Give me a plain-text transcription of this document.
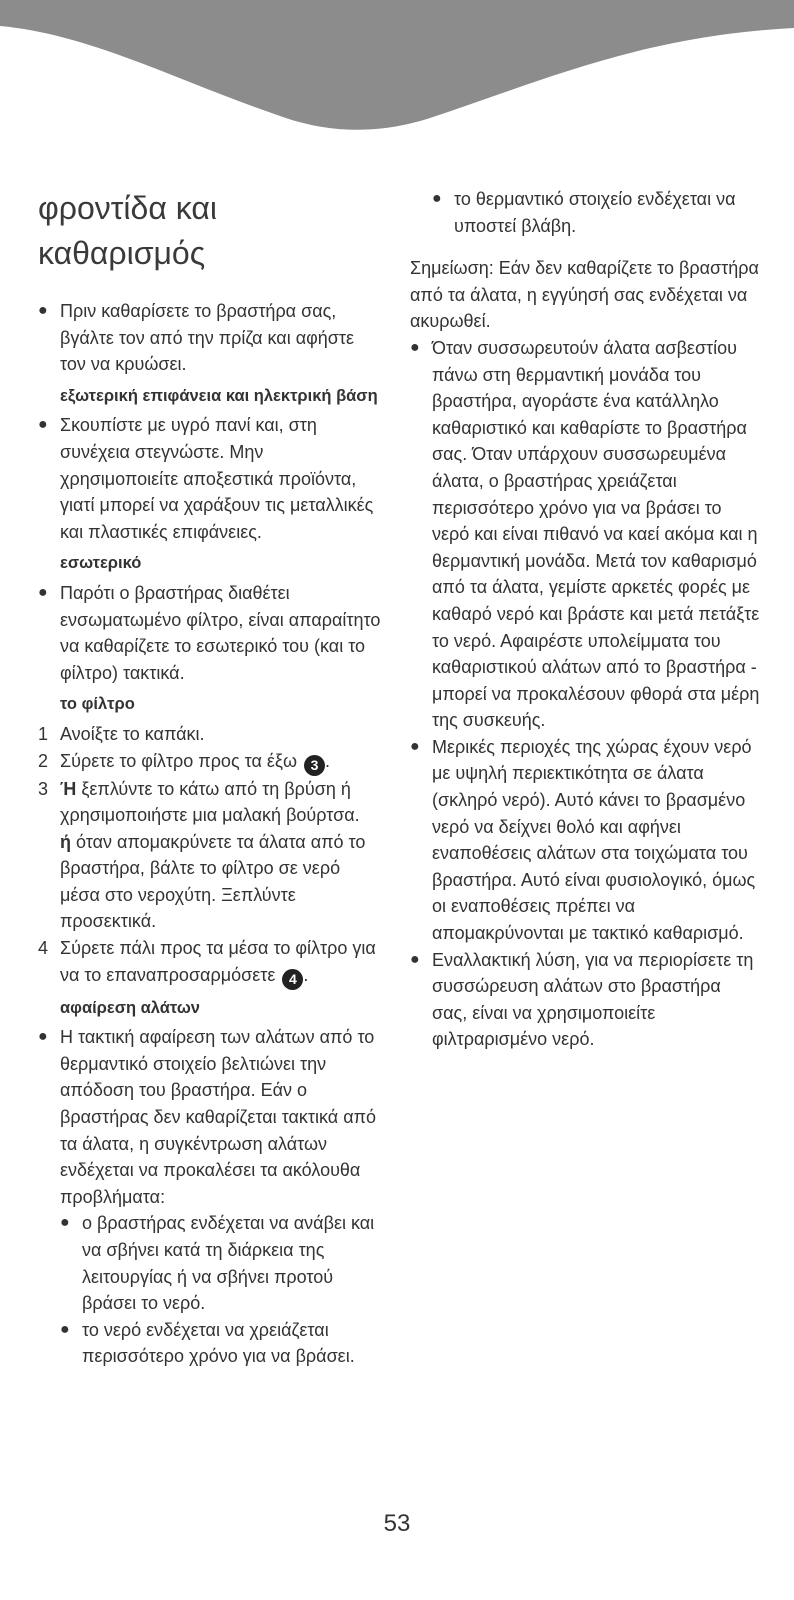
φροντίδα και
καθαρισμός
● Πριν καθαρίσετε το βραστήρα σας, βγάλτε τον από την πρίζα και αφήστε τον να κρυώσει.
εξωτερική επιφάνεια και ηλεκτρική βάση
● Σκουπίστε με υγρό πανί και, στη συνέχεια στεγνώστε. Μην χρησιμοποιείτε αποξεστικά προϊόντα, γιατί μπορεί να χαράξουν τις μεταλλικές και πλαστικές επιφάνειες.
εσωτερικό
● Παρότι ο βραστήρας διαθέτει ενσωματωμένο φίλτρο, είναι απαραίτητο να καθαρίζετε το εσωτερικό του (και το φίλτρο) τακτικά.
το φίλτρο
1 Ανοίξτε το καπάκι.
2 Σύρετε το φίλτρο προς τα έξω 3 .
3 Ή ξεπλύντε το κάτω από τη βρύση ή χρησιμοποιήστε μια μαλακή βούρτσα.
ή όταν απομακρύνετε τα άλατα από το βραστήρα, βάλτε το φίλτρο σε νερό μέσα στο νεροχύτη. Ξεπλύντε προσεκτικά.
4 Σύρετε πάλι προς τα μέσα το φίλτρο για να το επαναπροσαρμόσετε 4 .
αφαίρεση αλάτων
● Η τακτική αφαίρεση των αλάτων από το θερμαντικό στοιχείο βελτιώνει την απόδοση του βραστήρα. Εάν ο βραστήρας δεν καθαρίζεται τακτικά από τα άλατα, η συγκέντρωση αλάτων ενδέχεται να προκαλέσει τα ακόλουθα προβλήματα:
● ο βραστήρας ενδέχεται να ανάβει και να σβήνει κατά τη διάρκεια της λειτουργίας ή να σβήνει προτού βράσει το νερό.
● το νερό ενδέχεται να χρειάζεται περισσότερο χρόνο για να βράσει.
● το θερμαντικό στοιχείο ενδέχεται να υποστεί βλάβη.

Σημείωση: Εάν δεν καθαρίζετε το βραστήρα από τα άλατα, η εγγύησή σας ενδέχεται να ακυρωθεί.

● Όταν συσσωρευτούν άλατα ασβεστίου πάνω στη θερμαντική μονάδα του βραστήρα, αγοράστε ένα κατάλληλο καθαριστικό και καθαρίστε το βραστήρα σας. Όταν υπάρχουν συσσωρευμένα άλατα, ο βραστήρας χρειάζεται περισσότερο χρόνο για να βράσει το νερό και είναι πιθανό να καεί ακόμα και η θερμαντική μονάδα. Μετά τον καθαρισμό από τα άλατα, γεμίστε αρκετές φορές με καθαρό νερό και βράστε και μετά πετάξτε το νερό. Αφαιρέστε υπολείμματα του καθαριστικού αλάτων από το βραστήρα - μπορεί να προκαλέσουν φθορά στα μέρη της συσκευής.
● Μερικές περιοχές της χώρας έχουν νερό με υψηλή περιεκτικότητα σε άλατα (σκληρό νερό). Αυτό κάνει το βρασμένο νερό να δείχνει θολό και αφήνει εναποθέσεις αλάτων στα τοιχώματα του βραστήρα. Αυτό είναι φυσιολογικό, όμως οι εναποθέσεις πρέπει να απομακρύνονται με τακτικό καθαρισμό.
● Εναλλακτική λύση, για να περιορίσετε τη συσσώρευση αλάτων στο βραστήρα σας, είναι να χρησιμοποιείτε φιλτραρισμένο νερό.
53
